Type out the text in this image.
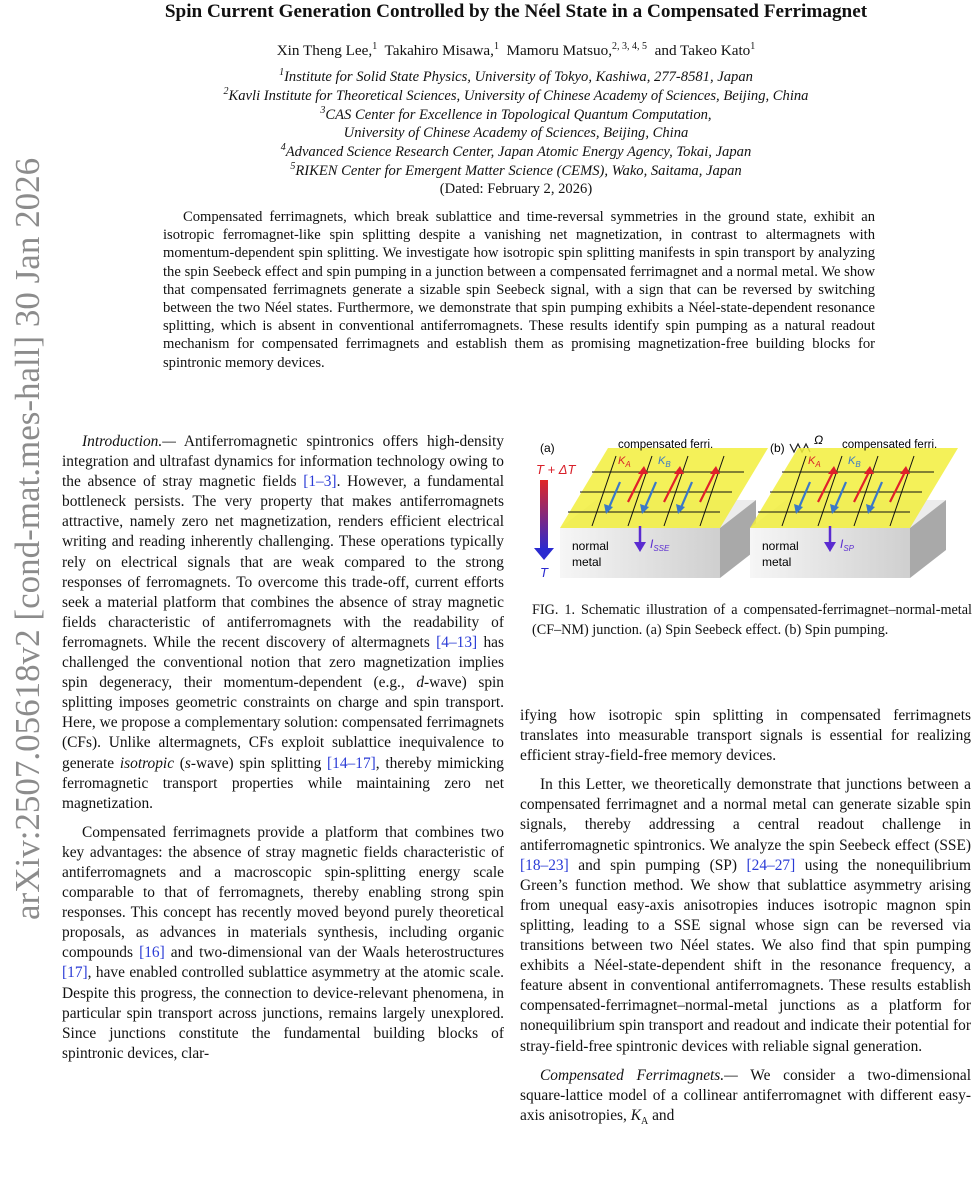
arXiv:2507.05618v2 [cond-mat.mes-hall] 30 Jan 2026
Spin Current Generation Controlled by the Néel State in a Compensated Ferrimagnet
Xin Theng Lee,$^1$ Takahiro Misawa,$^1$ Mamoru Matsuo,$^{2, 3, 4, 5}$ and Takeo Kato$^1$
$^1$Institute for Solid State Physics, University of Tokyo, Kashiwa, 277-8581, Japan
$^2$Kavli Institute for Theoretical Sciences, University of Chinese Academy of Sciences, Beijing, China
$^3$CAS Center for Excellence in Topological Quantum Computation,
University of Chinese Academy of Sciences, Beijing, China
$^4$Advanced Science Research Center, Japan Atomic Energy Agency, Tokai, Japan
$^5$RIKEN Center for Emergent Matter Science (CEMS), Wako, Saitama, Japan
(Dated: February 2, 2026)
Compensated ferrimagnets, which break sublattice and time-reversal symmetries in the ground state, exhibit an isotropic ferromagnet-like spin splitting despite a vanishing net magnetization, in contrast to altermagnets with momentum-dependent spin splitting. We investigate how isotropic spin splitting manifests in spin transport by analyzing the spin Seebeck effect and spin pumping in a junction between a compensated ferrimagnet and a normal metal. We show that compensated ferrimagnets generate a sizable spin Seebeck signal, with a sign that can be reversed by switching between the two Néel states. Furthermore, we demonstrate that spin pumping exhibits a Néel-state-dependent resonance splitting, which is absent in conventional antiferromagnets. These results identify spin pumping as a natural readout mechanism for compensated ferrimagnets and establish them as promising magnetization-free building blocks for spintronic memory devices.

Introduction.— Antiferromagnetic spintronics offers high-density integration and ultrafast dynamics for information technology owing to the absence of stray magnetic fields [1–3]. However, a fundamental bottleneck persists. The very property that makes antiferromagnets attractive, namely zero net magnetization, renders efficient electrical writing and reading inherently challenging. These operations typically rely on electrical signals that are weak compared to the strong responses of ferromagnets. To overcome this trade-off, current efforts seek a material platform that combines the absence of stray magnetic fields characteristic of antiferromagnets with the readability of ferromagnets. While the recent discovery of altermagnets [4–13] has challenged the conventional notion that zero magnetization implies spin degeneracy, their momentum-dependent (e.g., d-wave) spin splitting imposes geometric constraints on charge and spin transport. Here, we propose a complementary solution: compensated ferrimagnets (CFs). Unlike altermagnets, CFs exploit sublattice inequivalence to generate isotropic (s-wave) spin splitting [14–17], thereby mimicking ferromagnetic transport properties while maintaining zero net magnetization.

Compensated ferrimagnets provide a platform that combines two key advantages: the absence of stray magnetic fields characteristic of antiferromagnets and a macroscopic spin-splitting energy scale comparable to that of ferromagnets, thereby enabling strong spin responses. This concept has recently moved beyond purely theoretical proposals, as advances in materials synthesis, including organic compounds [16] and two-dimensional van der Waals heterostructures [17], have enabled controlled sublattice asymmetry at the atomic scale. Despite this progress, the connection to device-relevant phenomena, in particular spin transport across junctions, remains largely unexplored. Since junctions constitute the fundamental building blocks of spintronic devices, clar-

(a)
T + ΔT
T
compensated ferri.
$K_A$ $K_B$
$I_{SSE}$
normal
metal
(b)
Ω compensated ferri.
$K_A$ $K_B$
$I_{SP}$
normal
metal
FIG. 1. Schematic illustration of a compensated-ferrimagnet–normal-metal (CF–NM) junction. (a) Spin Seebeck effect. (b) Spin pumping.

ifying how isotropic spin splitting in compensated ferrimagnets translates into measurable transport signals is essential for realizing efficient stray-field-free memory devices.

In this Letter, we theoretically demonstrate that junctions between a compensated ferrimagnet and a normal metal can generate sizable spin signals, thereby addressing a central readout challenge in antiferromagnetic spintronics. We analyze the spin Seebeck effect (SSE) [18–23] and spin pumping (SP) [24–27] using the nonequilibrium Green’s function method. We show that sublattice asymmetry arising from unequal easy-axis anisotropies induces isotropic magnon spin splitting, leading to a SSE signal whose sign can be reversed via transitions between two Néel states. We also find that spin pumping exhibits a Néel-state-dependent shift in the resonance frequency, a feature absent in conventional antiferromagnets. These results establish compensated-ferrimagnet–normal-metal junctions as a platform for nonequilibrium spin transport and readout and indicate their potential for stray-field-free spintronic devices with reliable signal generation.

Compensated Ferrimagnets.— We consider a two-dimensional square-lattice model of a collinear antiferromagnet with different easy-axis anisotropies, $K_A$ and
